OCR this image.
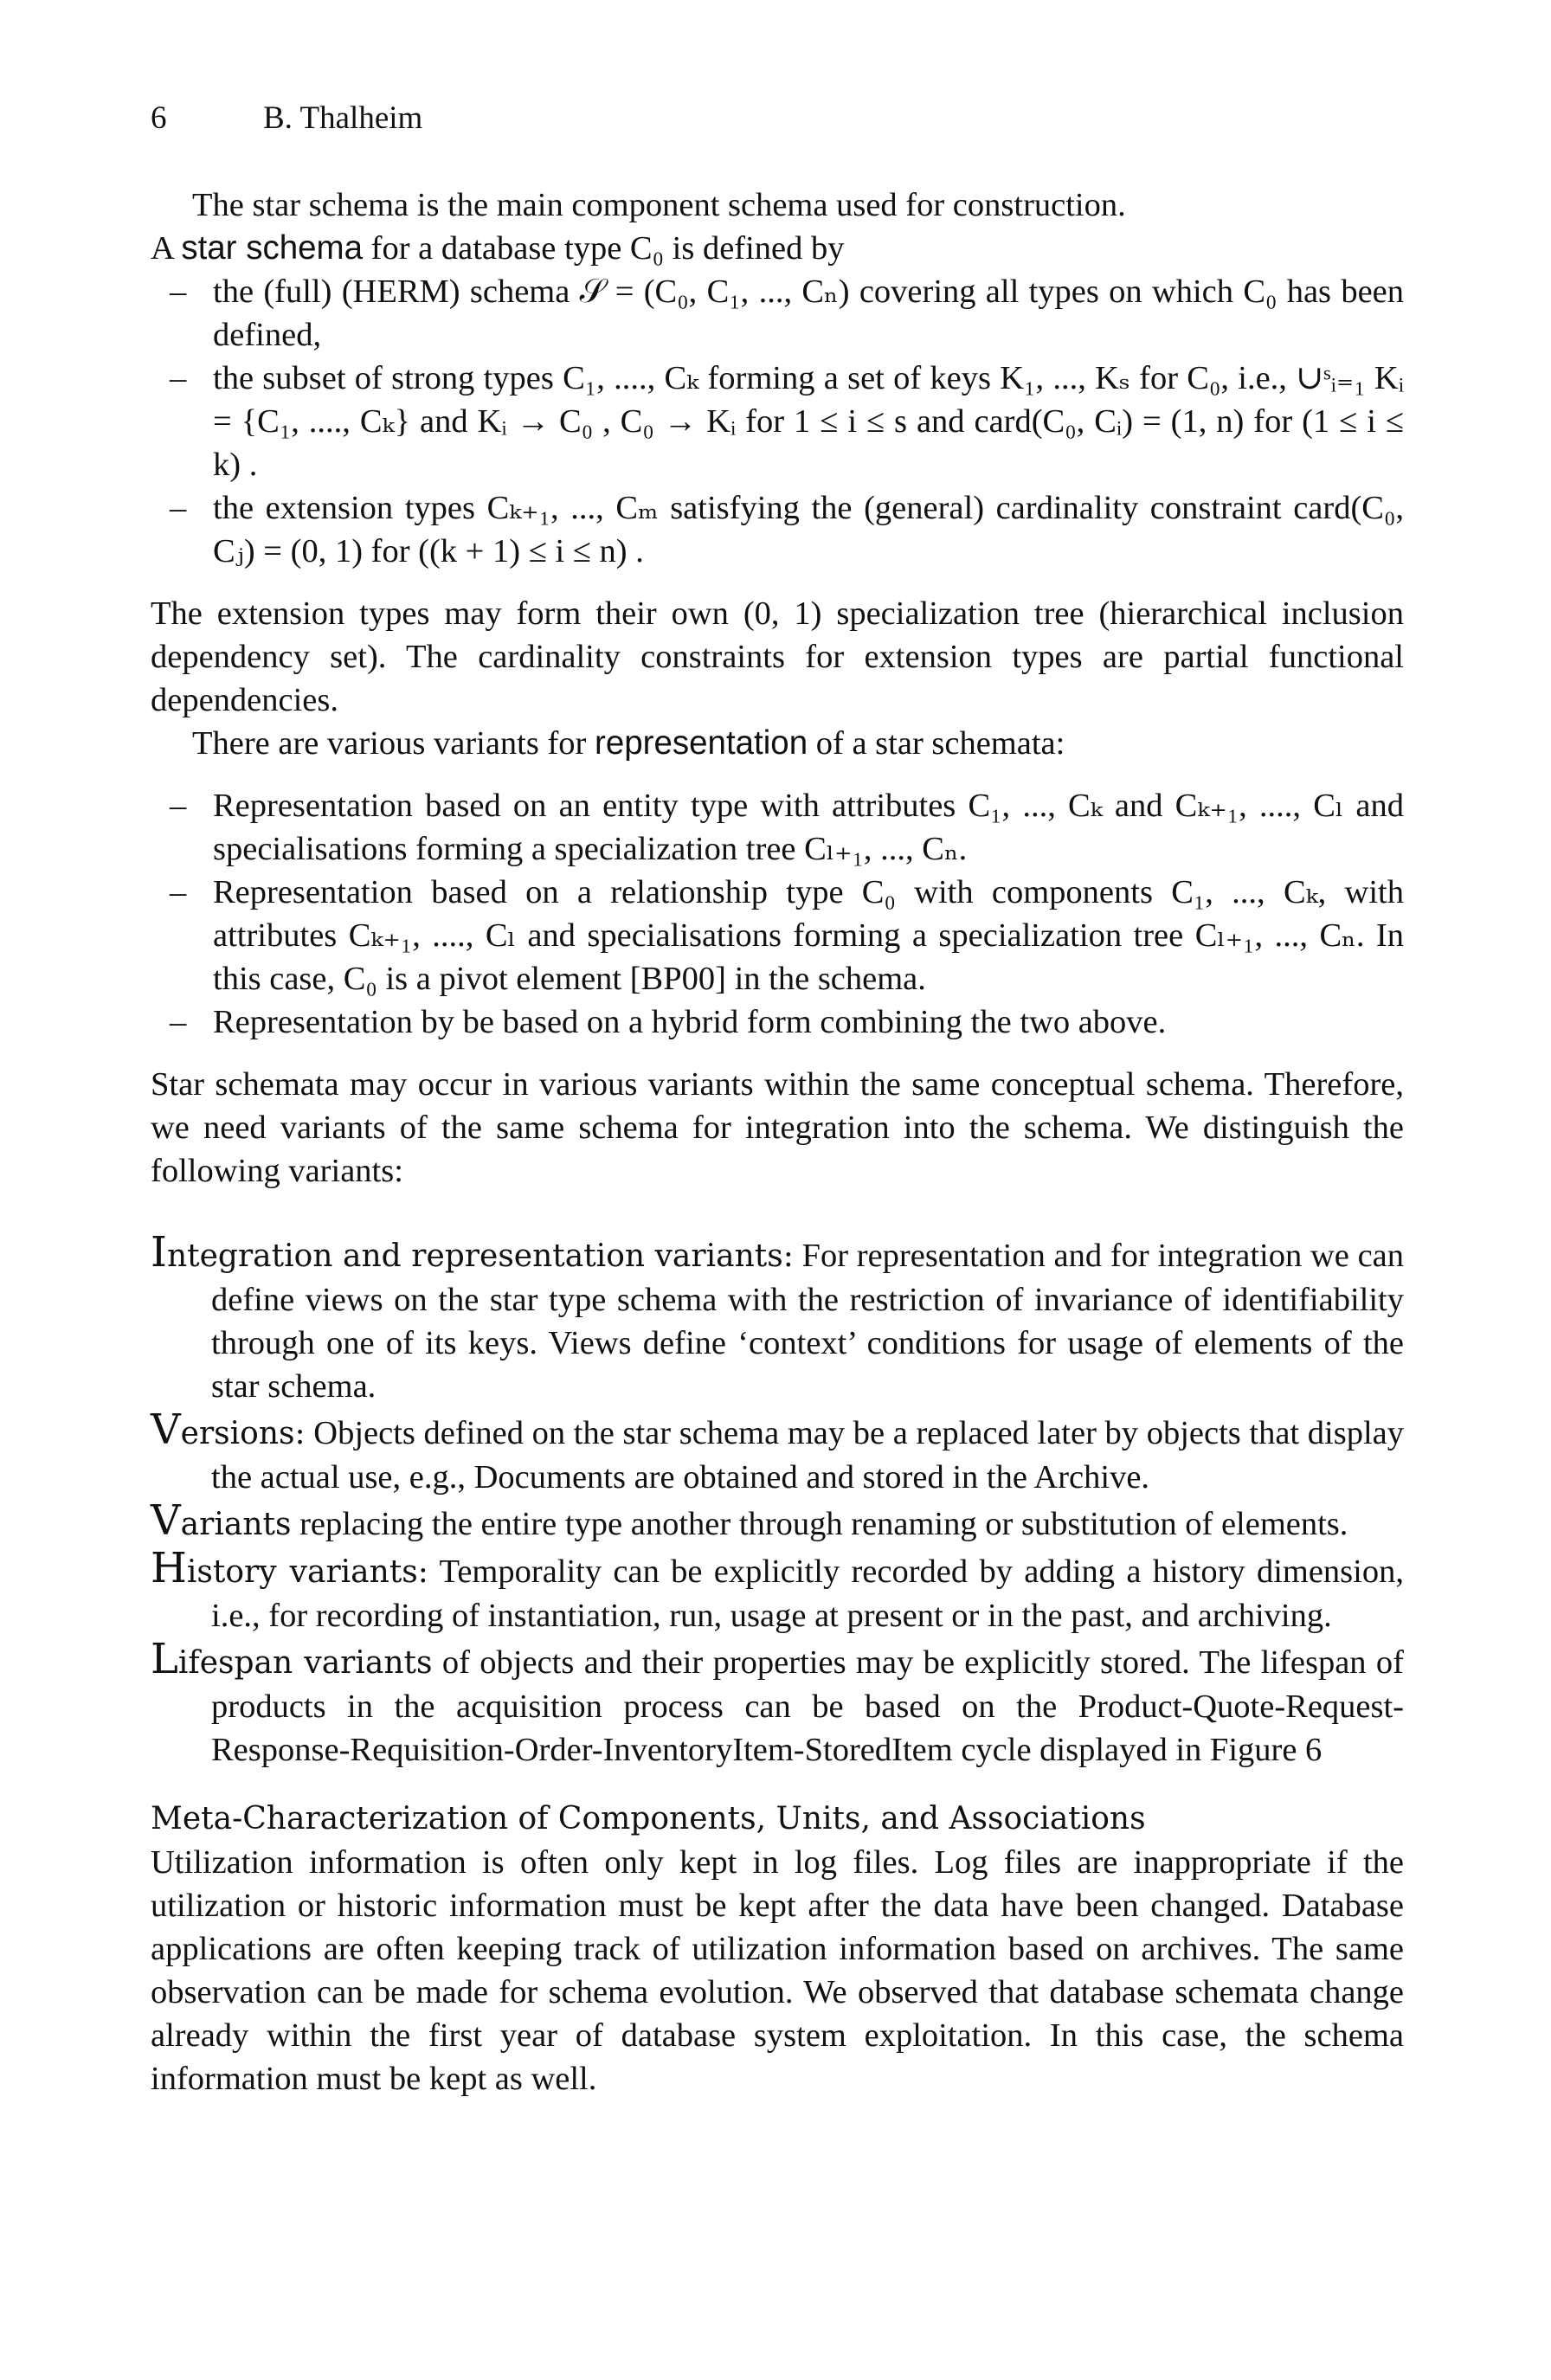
6	B. Thalheim

The star schema is the main component schema used for construction.

A star schema for a database type C₀ is defined by

– the (full) (HERM) schema 𝒮 = (C₀, C₁, ..., Cₙ) covering all types on which C₀ has been defined,
– the subset of strong types C₁, ...., Cₖ forming a set of keys K₁, ..., Kₛ for C₀, i.e., ∪ˢᵢ₌₁ Kᵢ = {C₁, ...., Cₖ} and Kᵢ → C₀ , C₀ → Kᵢ for 1 ≤ i ≤ s and card(C₀, Cᵢ) = (1, n) for (1 ≤ i ≤ k) .
– the extension types Cₖ₊₁, ..., Cₘ satisfying the (general) cardinality constraint card(C₀, Cⱼ) = (0, 1) for ((k + 1) ≤ i ≤ n) .

The extension types may form their own (0, 1) specialization tree (hierarchical inclusion dependency set). The cardinality constraints for extension types are partial functional dependencies.

There are various variants for representation of a star schemata:

– Representation based on an entity type with attributes C₁, ..., Cₖ and Cₖ₊₁, ...., Cₗ and specialisations forming a specialization tree Cₗ₊₁, ..., Cₙ.
– Representation based on a relationship type C₀ with components C₁, ..., Cₖ, with attributes Cₖ₊₁, ...., Cₗ and specialisations forming a specialization tree Cₗ₊₁, ..., Cₙ. In this case, C₀ is a pivot element [BP00] in the schema.
– Representation by be based on a hybrid form combining the two above.

Star schemata may occur in various variants within the same conceptual schema. Therefore, we need variants of the same schema for integration into the schema. We distinguish the following variants:

Integration and representation variants: For representation and for integration we can define views on the star type schema with the restriction of invariance of identifiability through one of its keys. Views define ‘context’ conditions for usage of elements of the star schema.

Versions: Objects defined on the star schema may be a replaced later by objects that display the actual use, e.g., Documents are obtained and stored in the Archive.

Variants replacing the entire type another through renaming or substitution of elements.

History variants: Temporality can be explicitly recorded by adding a history dimension, i.e., for recording of instantiation, run, usage at present or in the past, and archiving.

Lifespan variants of objects and their properties may be explicitly stored. The lifespan of products in the acquisition process can be based on the Product-Quote-Request-Response-Requisition-Order-InventoryItem-StoredItem cycle displayed in Figure 6

Meta-Characterization of Components, Units, and Associations

Utilization information is often only kept in log files. Log files are inappropriate if the utilization or historic information must be kept after the data have been changed. Database applications are often keeping track of utilization information based on archives. The same observation can be made for schema evolution. We observed that database schemata change already within the first year of database system exploitation. In this case, the schema information must be kept as well.
